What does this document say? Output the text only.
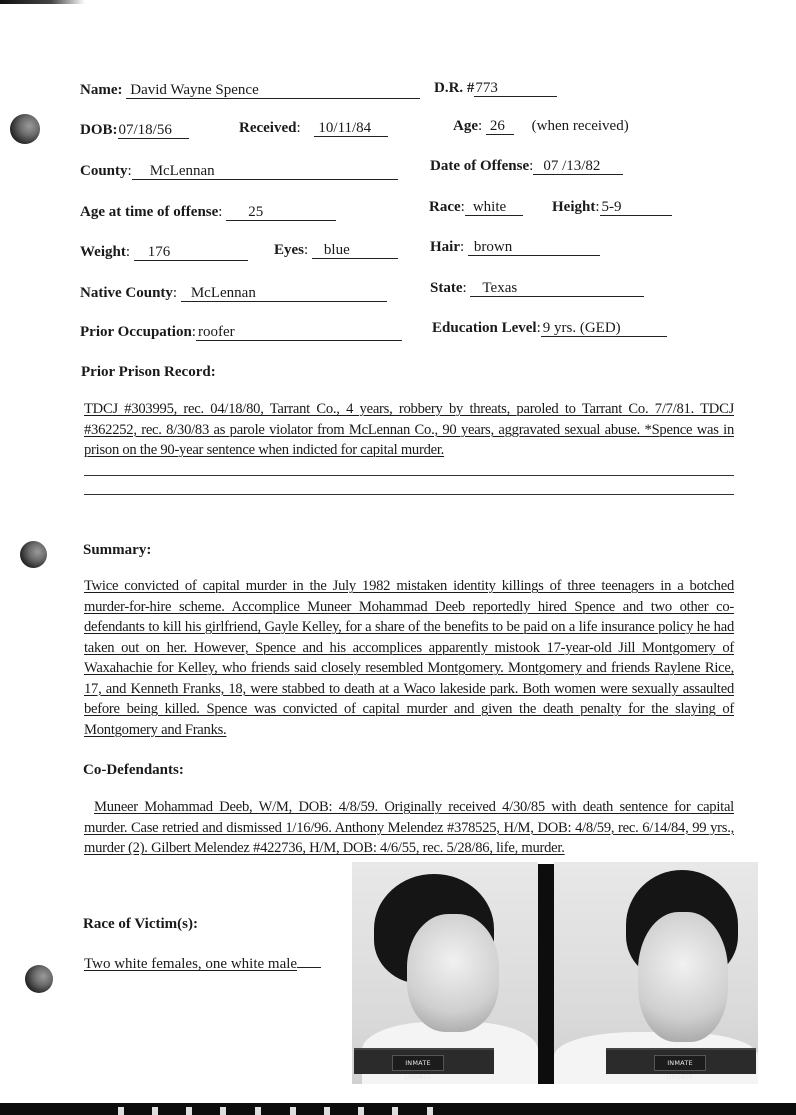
Name: David Wayne Spence	D.R. #773
DOB:07/18/56	Received: 10/11/84	Age: 26 (when received)
County: McLennan	Date of Offense: 07 /13/82
Age at time of offense: 25	Race: white	Height: 5-9
Weight: 176	Eyes: blue	Hair: brown
Native County: McLennan	State: Texas
Prior Occupation: roofer	Education Level: 9 yrs. (GED)
Prior Prison Record:
TDCJ #303995, rec. 04/18/80, Tarrant Co., 4 years, robbery by threats, paroled to Tarrant Co. 7/7/81. TDCJ #362252, rec. 8/30/83 as parole violator from McLennan Co., 90 years, aggravated sexual abuse. *Spence was in prison on the 90-year sentence when indicted for capital murder.
Summary:
Twice convicted of capital murder in the July 1982 mistaken identity killings of three teenagers in a botched murder-for-hire scheme. Accomplice Muneer Mohammad Deeb reportedly hired Spence and two other co-defendants to kill his girlfriend, Gayle Kelley, for a share of the benefits to be paid on a life insurance policy he had taken out on her. However, Spence and his accomplices apparently mistook 17-year-old Jill Montgomery of Waxahachie for Kelley, who friends said closely resembled Montgomery. Montgomery and friends Raylene Rice, 17, and Kenneth Franks, 18, were stabbed to death at a Waco lakeside park. Both women were sexually assaulted before being killed. Spence was convicted of capital murder and given the death penalty for the slaying of Montgomery and Franks.
Co-Defendants:
Muneer Mohammad Deeb, W/M, DOB: 4/8/59. Originally received 4/30/85 with death sentence for capital murder. Case retried and dismissed 1/16/96. Anthony Melendez #378525, H/M, DOB: 4/8/59, rec. 6/14/84, 99 yrs., murder (2). Gilbert Melendez #422736, H/M, DOB: 4/6/55, rec. 5/28/86, life, murder.
Race of Victim(s):
Two white females, one white male
INMATE UPDATE
INMATE UPDATE
